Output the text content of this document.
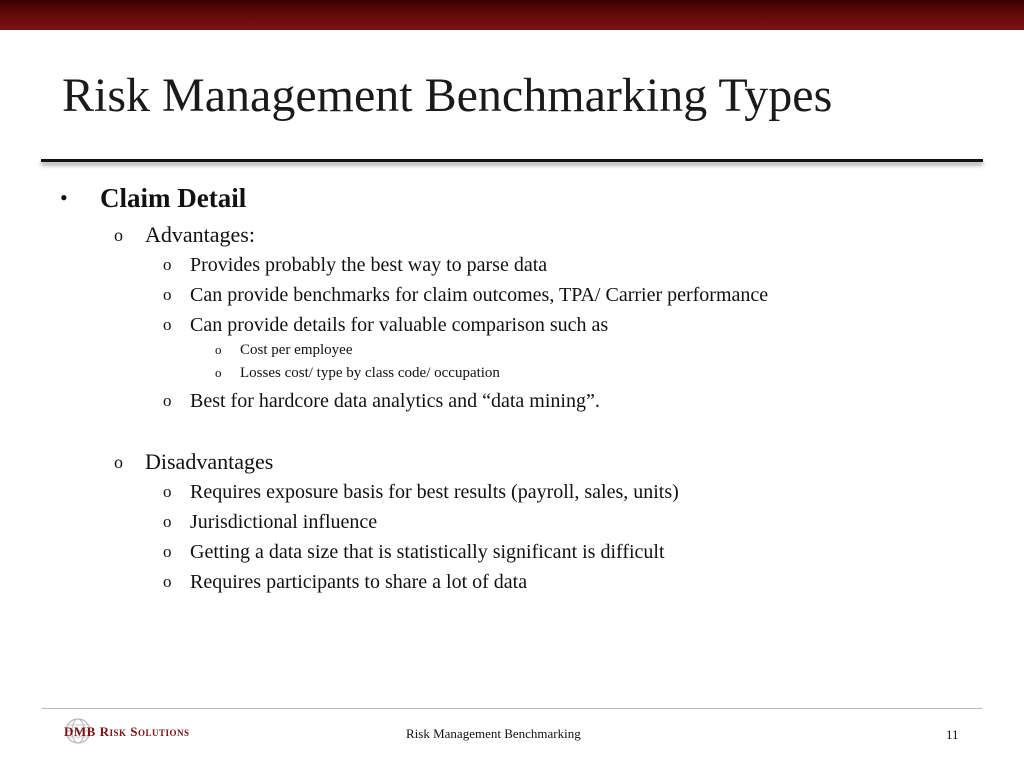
Risk Management Benchmarking Types
• Claim Detail
o Advantages:
o Provides probably the best way to parse data
o Can provide benchmarks for claim outcomes, TPA/ Carrier performance
o Can provide details for valuable comparison such as
o Cost per employee
o Losses cost/ type by class code/ occupation
o Best for hardcore data analytics and “data mining”.
o Disadvantages
o Requires exposure basis for best results (payroll, sales, units)
o Jurisdictional influence
o Getting a data size that is statistically significant is difficult
o Requires participants to share a lot of data
DMB Risk Solutions	Risk Management Benchmarking	11
